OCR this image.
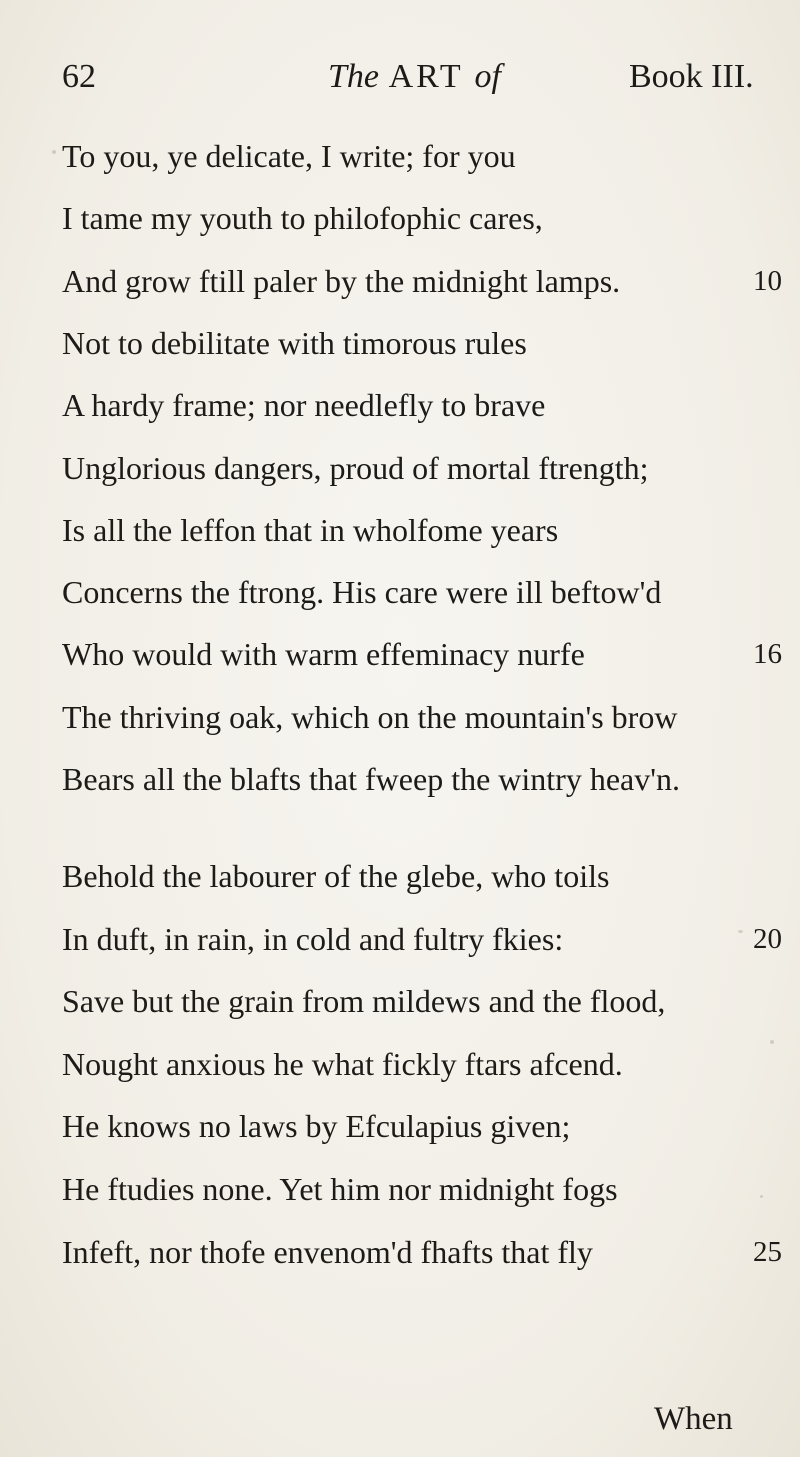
62	The ART of	Book III.
To you, ye delicate, I write; for you
I tame my youth to philofophic cares,
And grow ftill paler by the midnight lamps.	10
Not to debilitate with timorous rules
A hardy frame; nor needlefly to brave
Unglorious dangers, proud of mortal ftrength;
Is all the leffon that in wholfome years
Concerns the ftrong. His care were ill beftow'd
Who would with warm effeminacy nurfe	16
The thriving oak, which on the mountain's brow
Bears all the blafts that fweep the wintry heav'n.
Behold the labourer of the glebe, who toils
In duft, in rain, in cold and fultry fkies:	20
Save but the grain from mildews and the flood,
Nought anxious he what fickly ftars afcend.
He knows no laws by Efculapius given;
He ftudies none. Yet him nor midnight fogs
Infeft, nor thofe envenom'd fhafts that fly	25
When
